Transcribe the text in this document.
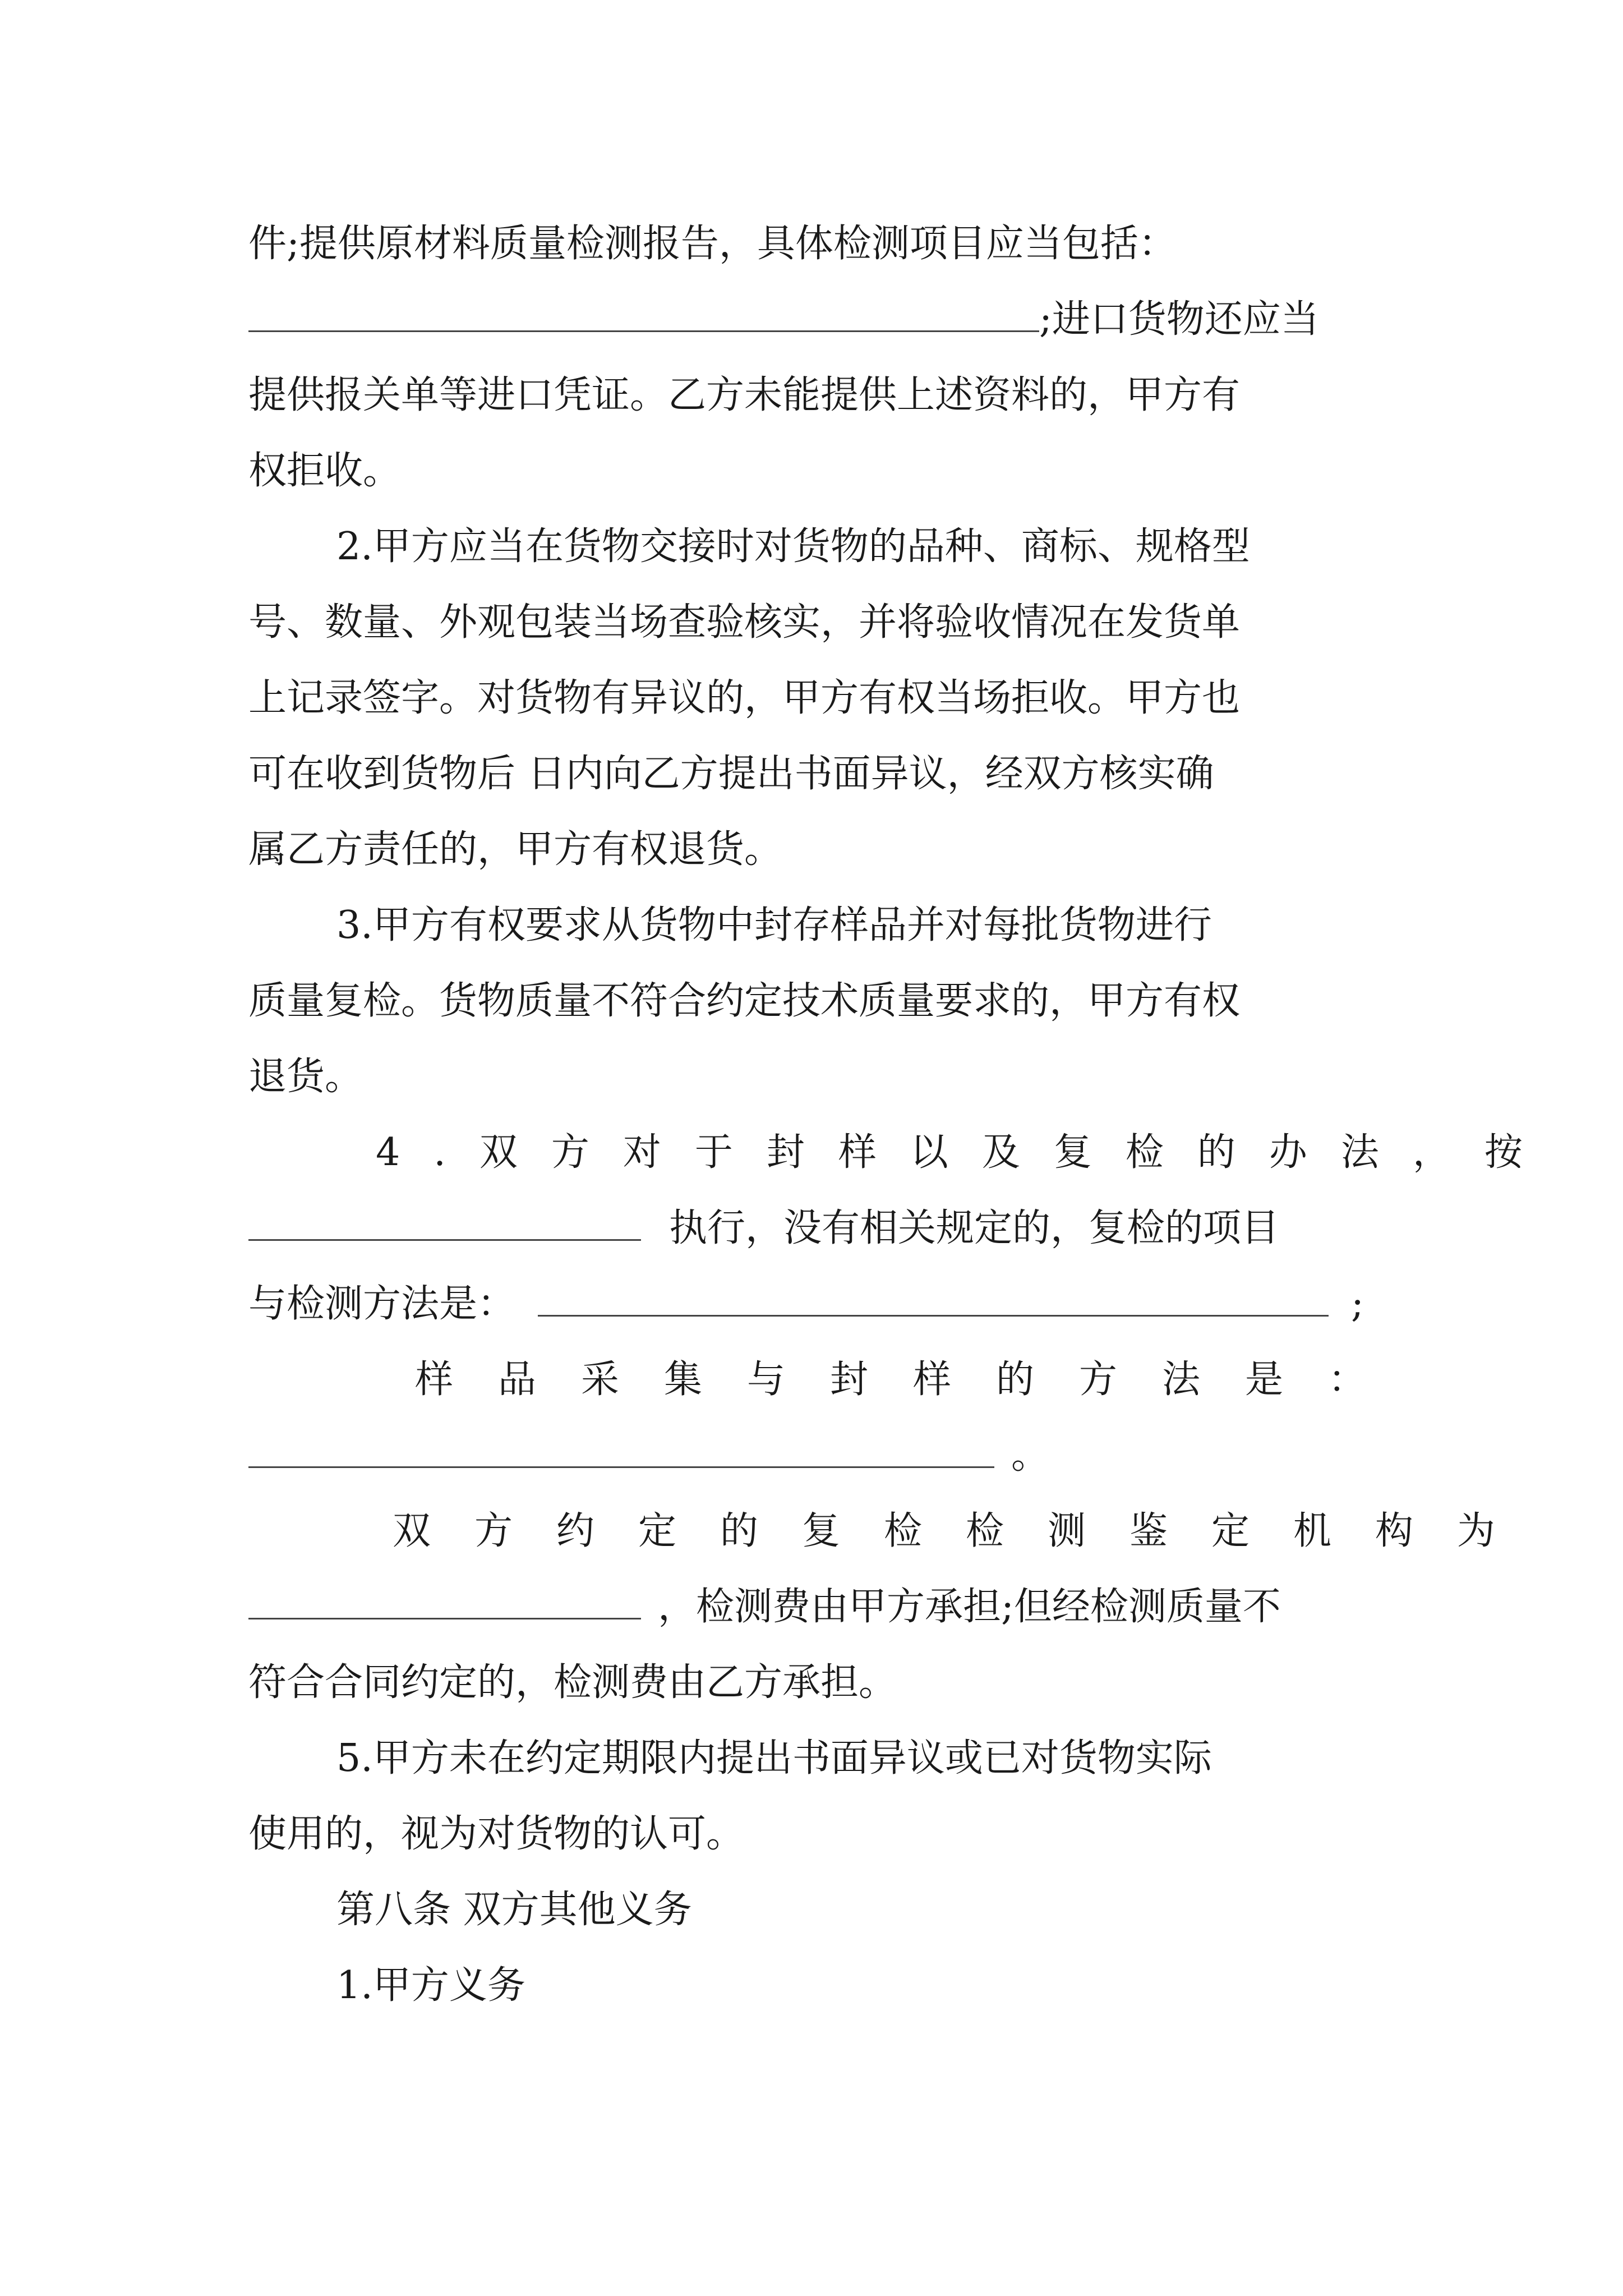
件;提供原材料质量检测报告，具体检测项目应当包括：
;进口货物还应当
提供报关单等进口凭证。乙方未能提供上述资料的，甲方有
权拒收。
2.甲方应当在货物交接时对货物的品种、商标、规格型
号、数量、外观包装当场查验核实，并将验收情况在发货单
上记录签字。对货物有异议的，甲方有权当场拒收。甲方也
可在收到货物后 日内向乙方提出书面异议，经双方核实确
属乙方责任的，甲方有权退货。
3.甲方有权要求从货物中封存样品并对每批货物进行
质量复检。货物质量不符合约定技术质量要求的，甲方有权
退货。
4.双方对于封样以及复检的办法，按
执行，没有相关规定的，复检的项目
与检测方法是：	;
样品采集与封样的方法是：
。
双方约定的复检检测鉴定机构为
，检测费由甲方承担;但经检测质量不
符合合同约定的，检测费由乙方承担。
5.甲方未在约定期限内提出书面异议或已对货物实际
使用的，视为对货物的认可。
第八条 双方其他义务
1.甲方义务
